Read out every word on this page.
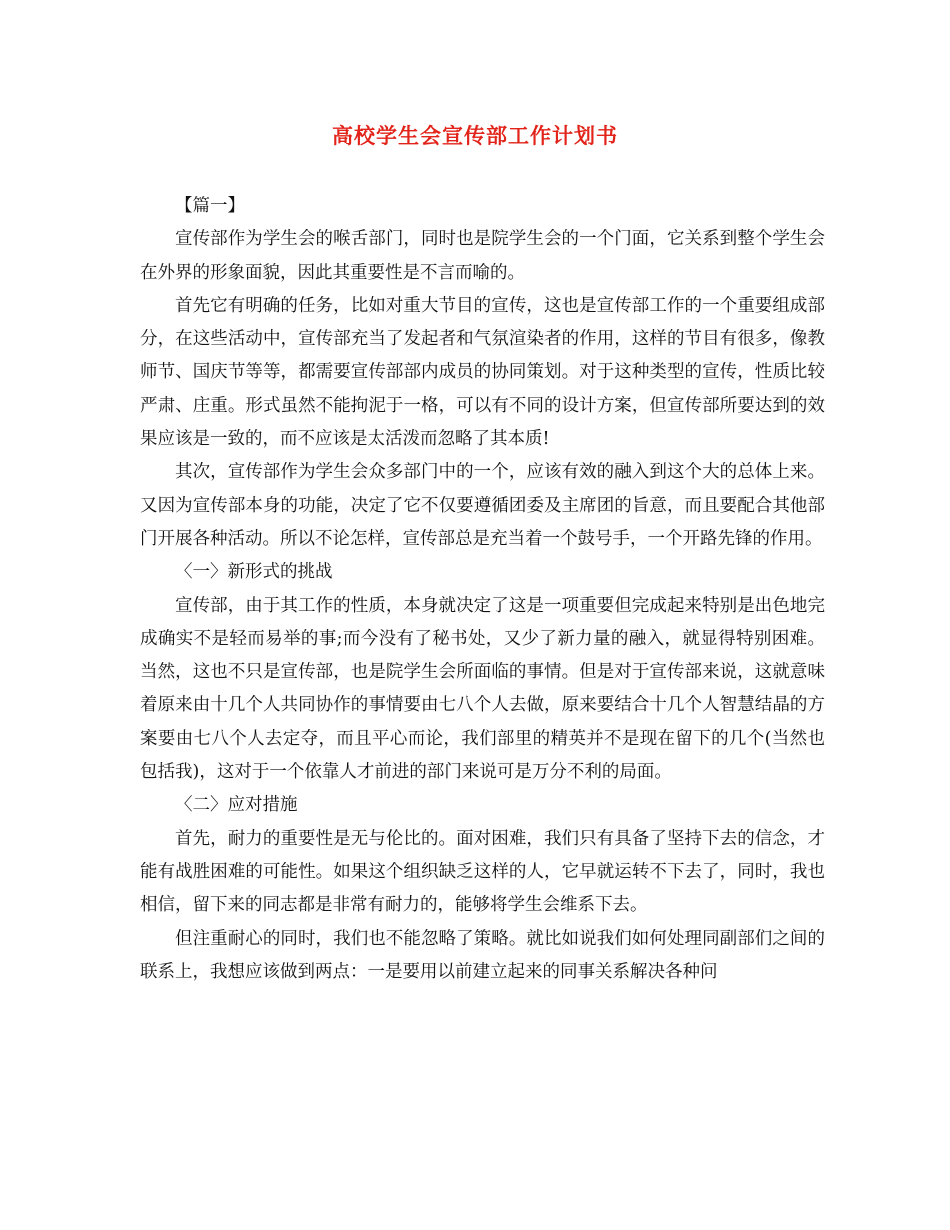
高校学生会宣传部工作计划书

【篇一】

宣传部作为学生会的喉舌部门，同时也是院学生会的一个门面，它关系到整个学生会在外界的形象面貌，因此其重要性是不言而喻的。

首先它有明确的任务，比如对重大节目的宣传，这也是宣传部工作的一个重要组成部分，在这些活动中，宣传部充当了发起者和气氛渲染者的作用，这样的节目有很多，像教师节、国庆节等等，都需要宣传部部内成员的协同策划。对于这种类型的宣传，性质比较严肃、庄重。形式虽然不能拘泥于一格，可以有不同的设计方案，但宣传部所要达到的效果应该是一致的，而不应该是太活泼而忽略了其本质!

其次，宣传部作为学生会众多部门中的一个，应该有效的融入到这个大的总体上来。又因为宣传部本身的功能，决定了它不仅要遵循团委及主席团的旨意，而且要配合其他部门开展各种活动。所以不论怎样，宣传部总是充当着一个鼓号手，一个开路先锋的作用。

〈一〉新形式的挑战

宣传部，由于其工作的性质，本身就决定了这是一项重要但完成起来特别是出色地完成确实不是轻而易举的事;而今没有了秘书处，又少了新力量的融入，就显得特别困难。当然，这也不只是宣传部，也是院学生会所面临的事情。但是对于宣传部来说，这就意味着原来由十几个人共同协作的事情要由七八个人去做，原来要结合十几个人智慧结晶的方案要由七八个人去定夺，而且平心而论，我们部里的精英并不是现在留下的几个(当然也包括我)，这对于一个依靠人才前进的部门来说可是万分不利的局面。

〈二〉应对措施

首先，耐力的重要性是无与伦比的。面对困难，我们只有具备了坚持下去的信念，才能有战胜困难的可能性。如果这个组织缺乏这样的人，它早就运转不下去了，同时，我也相信，留下来的同志都是非常有耐力的，能够将学生会维系下去。

但注重耐心的同时，我们也不能忽略了策略。就比如说我们如何处理同副部们之间的联系上，我想应该做到两点：一是要用以前建立起来的同事关系解决各种问
